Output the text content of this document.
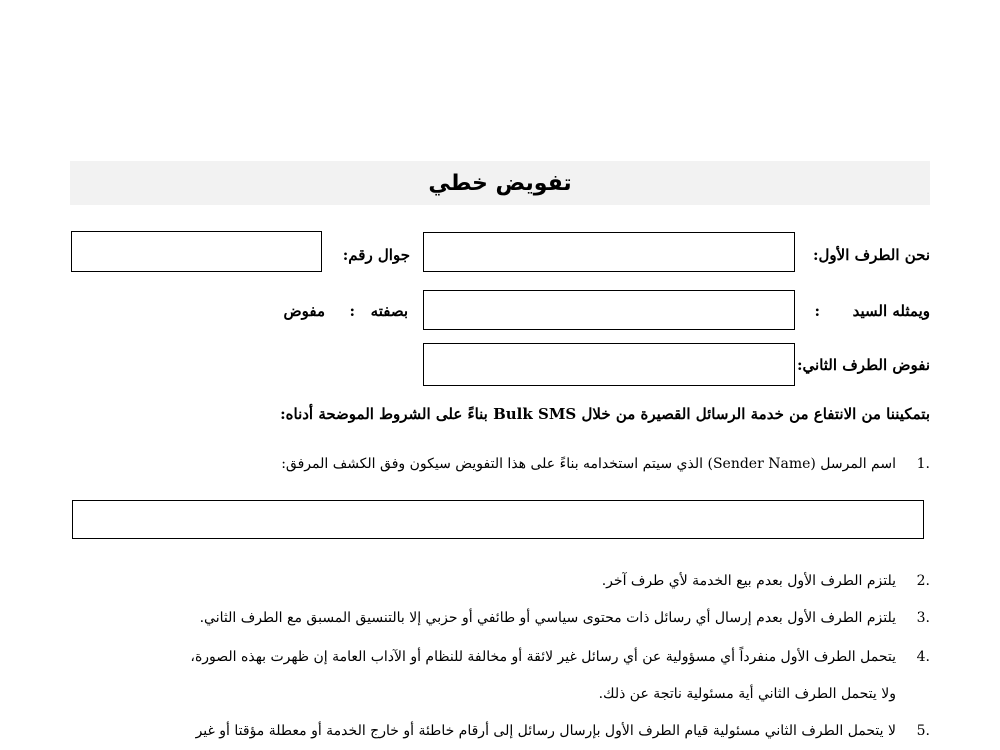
تفويض خطي
نحن الطرف الأول:
جوال رقم:
ويمثله السيد
:
بصفته
:
مفوض
نفوض الطرف الثاني:
بتمكيننا من الانتفاع من خدمة الرسائل القصيرة من خلال Bulk SMS بناءً على الشروط الموضحة أدناه:
.1
اسم المرسل (Sender Name) الذي سيتم استخدامه بناءً على هذا التفويض سيكون وفق الكشف المرفق:
.2
يلتزم الطرف الأول بعدم بيع الخدمة لأي طرف آخر.
.3
يلتزم الطرف الأول بعدم إرسال أي رسائل ذات محتوى سياسي أو طائفي أو حزبي إلا بالتنسيق المسبق مع الطرف الثاني.
.4
يتحمل الطرف الأول منفرداً أي مسؤولية عن أي رسائل غير لائقة أو مخالفة للنظام أو الآداب العامة إن ظهرت بهذه الصورة،
ولا يتحمل الطرف الثاني أية مسئولية ناتجة عن ذلك.
.5
لا يتحمل الطرف الثاني مسئولية قيام الطرف الأول بإرسال رسائل إلى أرقام خاطئة أو خارج الخدمة أو معطلة مؤقتا أو غير
